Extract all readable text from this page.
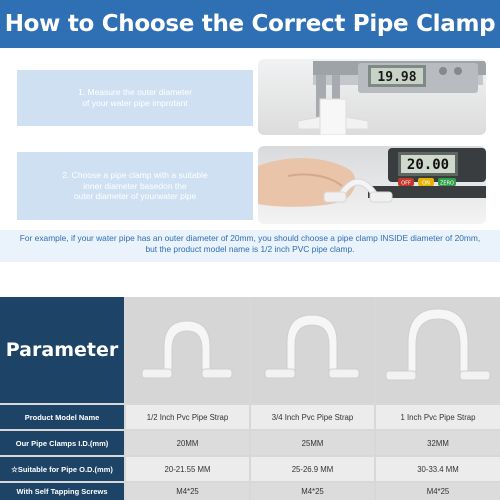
How to Choose the Correct Pipe Clamp
1. Measure the outer diameter
of your water pipe improtant
19.98
2. Choose a pipe clamp with a suitable
inner diameter basedon the
outer diameter of yourwater pipe
20.00
OFF ON ZERO
For example, if your water pipe has an outer diameter of 20mm, you should choose a pipe clamp INSIDE diameter of 20mm,
but the product model name is 1/2 inch PVC pipe clamp.
Parameter
Product Model Name	1/2 Inch Pvc Pipe Strap	3/4 Inch Pvc Pipe Strap	1 Inch Pvc Pipe Strap
Our Pipe Clamps I.D.(mm)	20MM	25MM	32MM
☆Suitable for Pipe O.D.(mm)	20-21.55 MM	25-26.9 MM	30-33.4 MM
With Self Tapping Screws	M4*25	M4*25	M4*25
